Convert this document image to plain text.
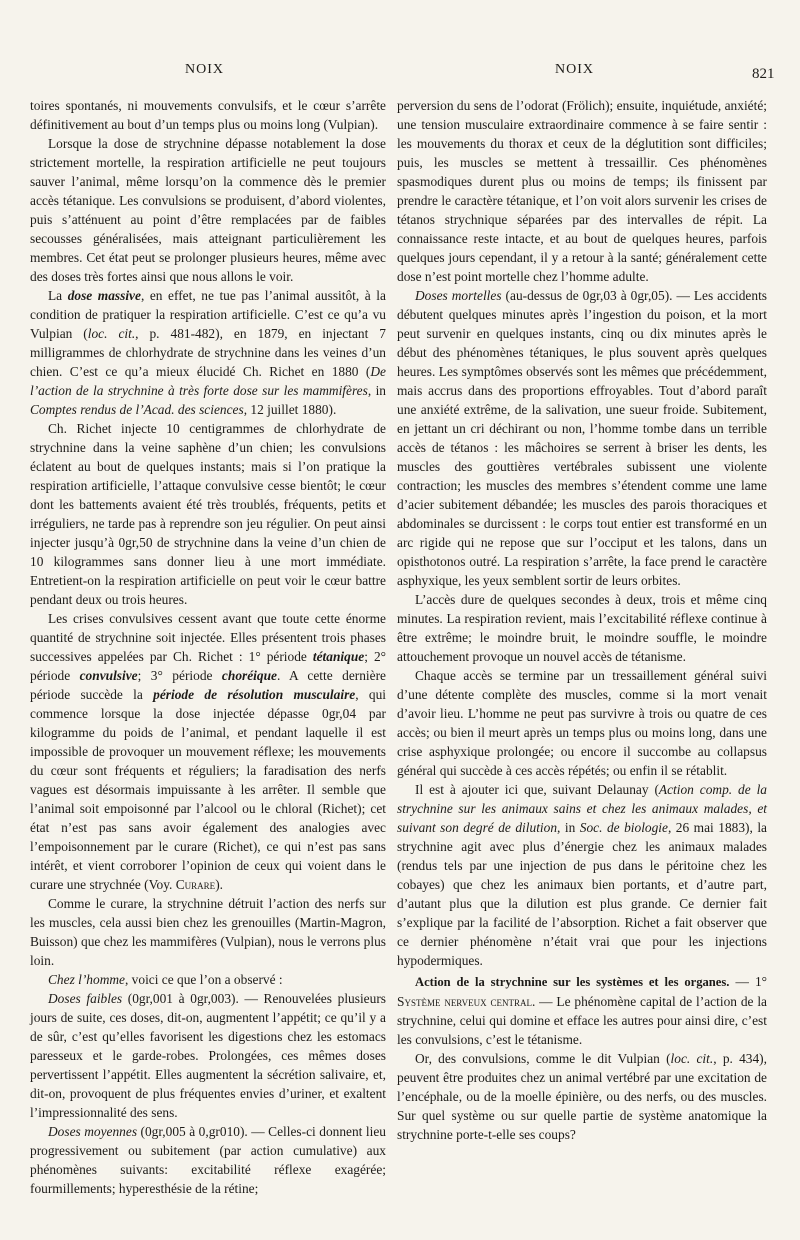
NOIX	NOIX	821

toires spontanés, ni mouvements convulsifs, et le cœur s’arrête définitivement au bout d’un temps plus ou moins long (Vulpian).

Lorsque la dose de strychnine dépasse notablement la dose strictement mortelle, la respiration artificielle ne peut toujours sauver l’animal, même lorsqu’on la commence dès le premier accès tétanique. Les convulsions se produisent, d’abord violentes, puis s’atténuent au point d’être remplacées par de faibles secousses généralisées, mais atteignant particulièrement les membres. Cet état peut se prolonger plusieurs heures, même avec des doses très fortes ainsi que nous allons le voir.

La dose massive, en effet, ne tue pas l’animal aussitôt, à la condition de pratiquer la respiration artificielle. C’est ce qu’a vu Vulpian (loc. cit., p. 481-482), en 1879, en injectant 7 milligrammes de chlorhydrate de strychnine dans les veines d’un chien. C’est ce qu’a mieux élucidé Ch. Richet en 1880 (De l’action de la strychnine à très forte dose sur les mammifères, in Comptes rendus de l’Acad. des sciences, 12 juillet 1880).

Ch. Richet injecte 10 centigrammes de chlorhydrate de strychnine dans la veine saphène d’un chien; les convulsions éclatent au bout de quelques instants; mais si l’on pratique la respiration artificielle, l’attaque convulsive cesse bientôt; le cœur dont les battements avaient été très troublés, fréquents, petits et irréguliers, ne tarde pas à reprendre son jeu régulier. On peut ainsi injecter jusqu’à 0gr,50 de strychnine dans la veine d’un chien de 10 kilogrammes sans donner lieu à une mort immédiate. Entretient-on la respiration artificielle on peut voir le cœur battre pendant deux ou trois heures.

Les crises convulsives cessent avant que toute cette énorme quantité de strychnine soit injectée. Elles présentent trois phases successives appelées par Ch. Richet : 1° période tétanique; 2° période convulsive; 3° période choréique. A cette dernière période succède la période de résolution musculaire, qui commence lorsque la dose injectée dépasse 0gr,04 par kilogramme du poids de l’animal, et pendant laquelle il est impossible de provoquer un mouvement réflexe; les mouvements du cœur sont fréquents et réguliers; la faradisation des nerfs vagues est désormais impuissante à les arrêter. Il semble que l’animal soit empoisonné par l’alcool ou le chloral (Richet); cet état n’est pas sans avoir également des analogies avec l’empoisonnement par le curare (Richet), ce qui n’est pas sans intérêt, et vient corroborer l’opinion de ceux qui voient dans le curare une strychnée (Voy. Curare).

Comme le curare, la strychnine détruit l’action des nerfs sur les muscles, cela aussi bien chez les grenouilles (Martin-Magron, Buisson) que chez les mammifères (Vulpian), nous le verrons plus loin.

Chez l’homme, voici ce que l’on a observé :

Doses faibles (0gr,001 à 0gr,003). — Renouvelées plusieurs jours de suite, ces doses, dit-on, augmentent l’appétit; ce qu’il y a de sûr, c’est qu’elles favorisent les digestions chez les estomacs paresseux et le garde-robes. Prolongées, ces mêmes doses pervertissent l’appétit. Elles augmentent la sécrétion salivaire, et, dit-on, provoquent de plus fréquentes envies d’uriner, et exaltent l’impressionnalité des sens.

Doses moyennes (0gr,005 à 0,gr010). — Celles-ci donnent lieu progressivement ou subitement (par action cumulative) aux phénomènes suivants: excitabilité réflexe exagérée; fourmillements; hyperesthésie de la rétine;

perversion du sens de l’odorat (Frölich); ensuite, inquiétude, anxiété; une tension musculaire extraordinaire commence à se faire sentir : les mouvements du thorax et ceux de la déglutition sont difficiles; puis, les muscles se mettent à tressaillir. Ces phénomènes spasmodiques durent plus ou moins de temps; ils finissent par prendre le caractère tétanique, et l’on voit alors survenir les crises de tétanos strychnique séparées par des intervalles de répit. La connaissance reste intacte, et au bout de quelques heures, parfois quelques jours cependant, il y a retour à la santé; généralement cette dose n’est point mortelle chez l’homme adulte.

Doses mortelles (au-dessus de 0gr,03 à 0gr,05). — Les accidents débutent quelques minutes après l’ingestion du poison, et la mort peut survenir en quelques instants, cinq ou dix minutes après le début des phénomènes tétaniques, le plus souvent après quelques heures. Les symptômes observés sont les mêmes que précédemment, mais accrus dans des proportions effroyables. Tout d’abord paraît une anxiété extrême, de la salivation, une sueur froide. Subitement, en jettant un cri déchirant ou non, l’homme tombe dans un terrible accès de tétanos : les mâchoires se serrent à briser les dents, les muscles des gouttières vertébrales subissent une violente contraction; les muscles des membres s’étendent comme une lame d’acier subitement débandée; les muscles des parois thoraciques et abdominales se durcissent : le corps tout entier est transformé en un arc rigide qui ne repose que sur l’occiput et les talons, dans un opisthotonos outré. La respiration s’arrête, la face prend le caractère asphyxique, les yeux semblent sortir de leurs orbites.

L’accès dure de quelques secondes à deux, trois et même cinq minutes. La respiration revient, mais l’excitabilité réflexe continue à être extrême; le moindre bruit, le moindre souffle, le moindre attouchement provoque un nouvel accès de tétanisme.

Chaque accès se termine par un tressaillement général suivi d’une détente complète des muscles, comme si la mort venait d’avoir lieu. L’homme ne peut pas survivre à trois ou quatre de ces accès; ou bien il meurt après un temps plus ou moins long, dans une crise asphyxique prolongée; ou encore il succombe au collapsus général qui succède à ces accès répétés; ou enfin il se rétablit.

Il est à ajouter ici que, suivant Delaunay (Action comp. de la strychnine sur les animaux sains et chez les animaux malades, et suivant son degré de dilution, in Soc. de biologie, 26 mai 1883), la strychnine agit avec plus d’énergie chez les animaux malades (rendus tels par une injection de pus dans le péritoine chez les cobayes) que chez les animaux bien portants, et d’autre part, d’autant plus que la dilution est plus grande. Ce dernier fait s’explique par la facilité de l’absorption. Richet a fait observer que ce dernier phénomène n’était vrai que pour les injections hypodermiques.

Action de la strychnine sur les systèmes et les organes. — 1° Système nerveux central. — Le phénomène capital de l’action de la strychnine, celui qui domine et efface les autres pour ainsi dire, c’est les convulsions, c’est le tétanisme.

Or, des convulsions, comme le dit Vulpian (loc. cit., p. 434), peuvent être produites chez un animal vertébré par une excitation de l’encéphale, ou de la moelle épinière, ou des nerfs, ou des muscles. Sur quel système ou sur quelle partie de système anatomique la strychnine porte-t-elle ses coups?
